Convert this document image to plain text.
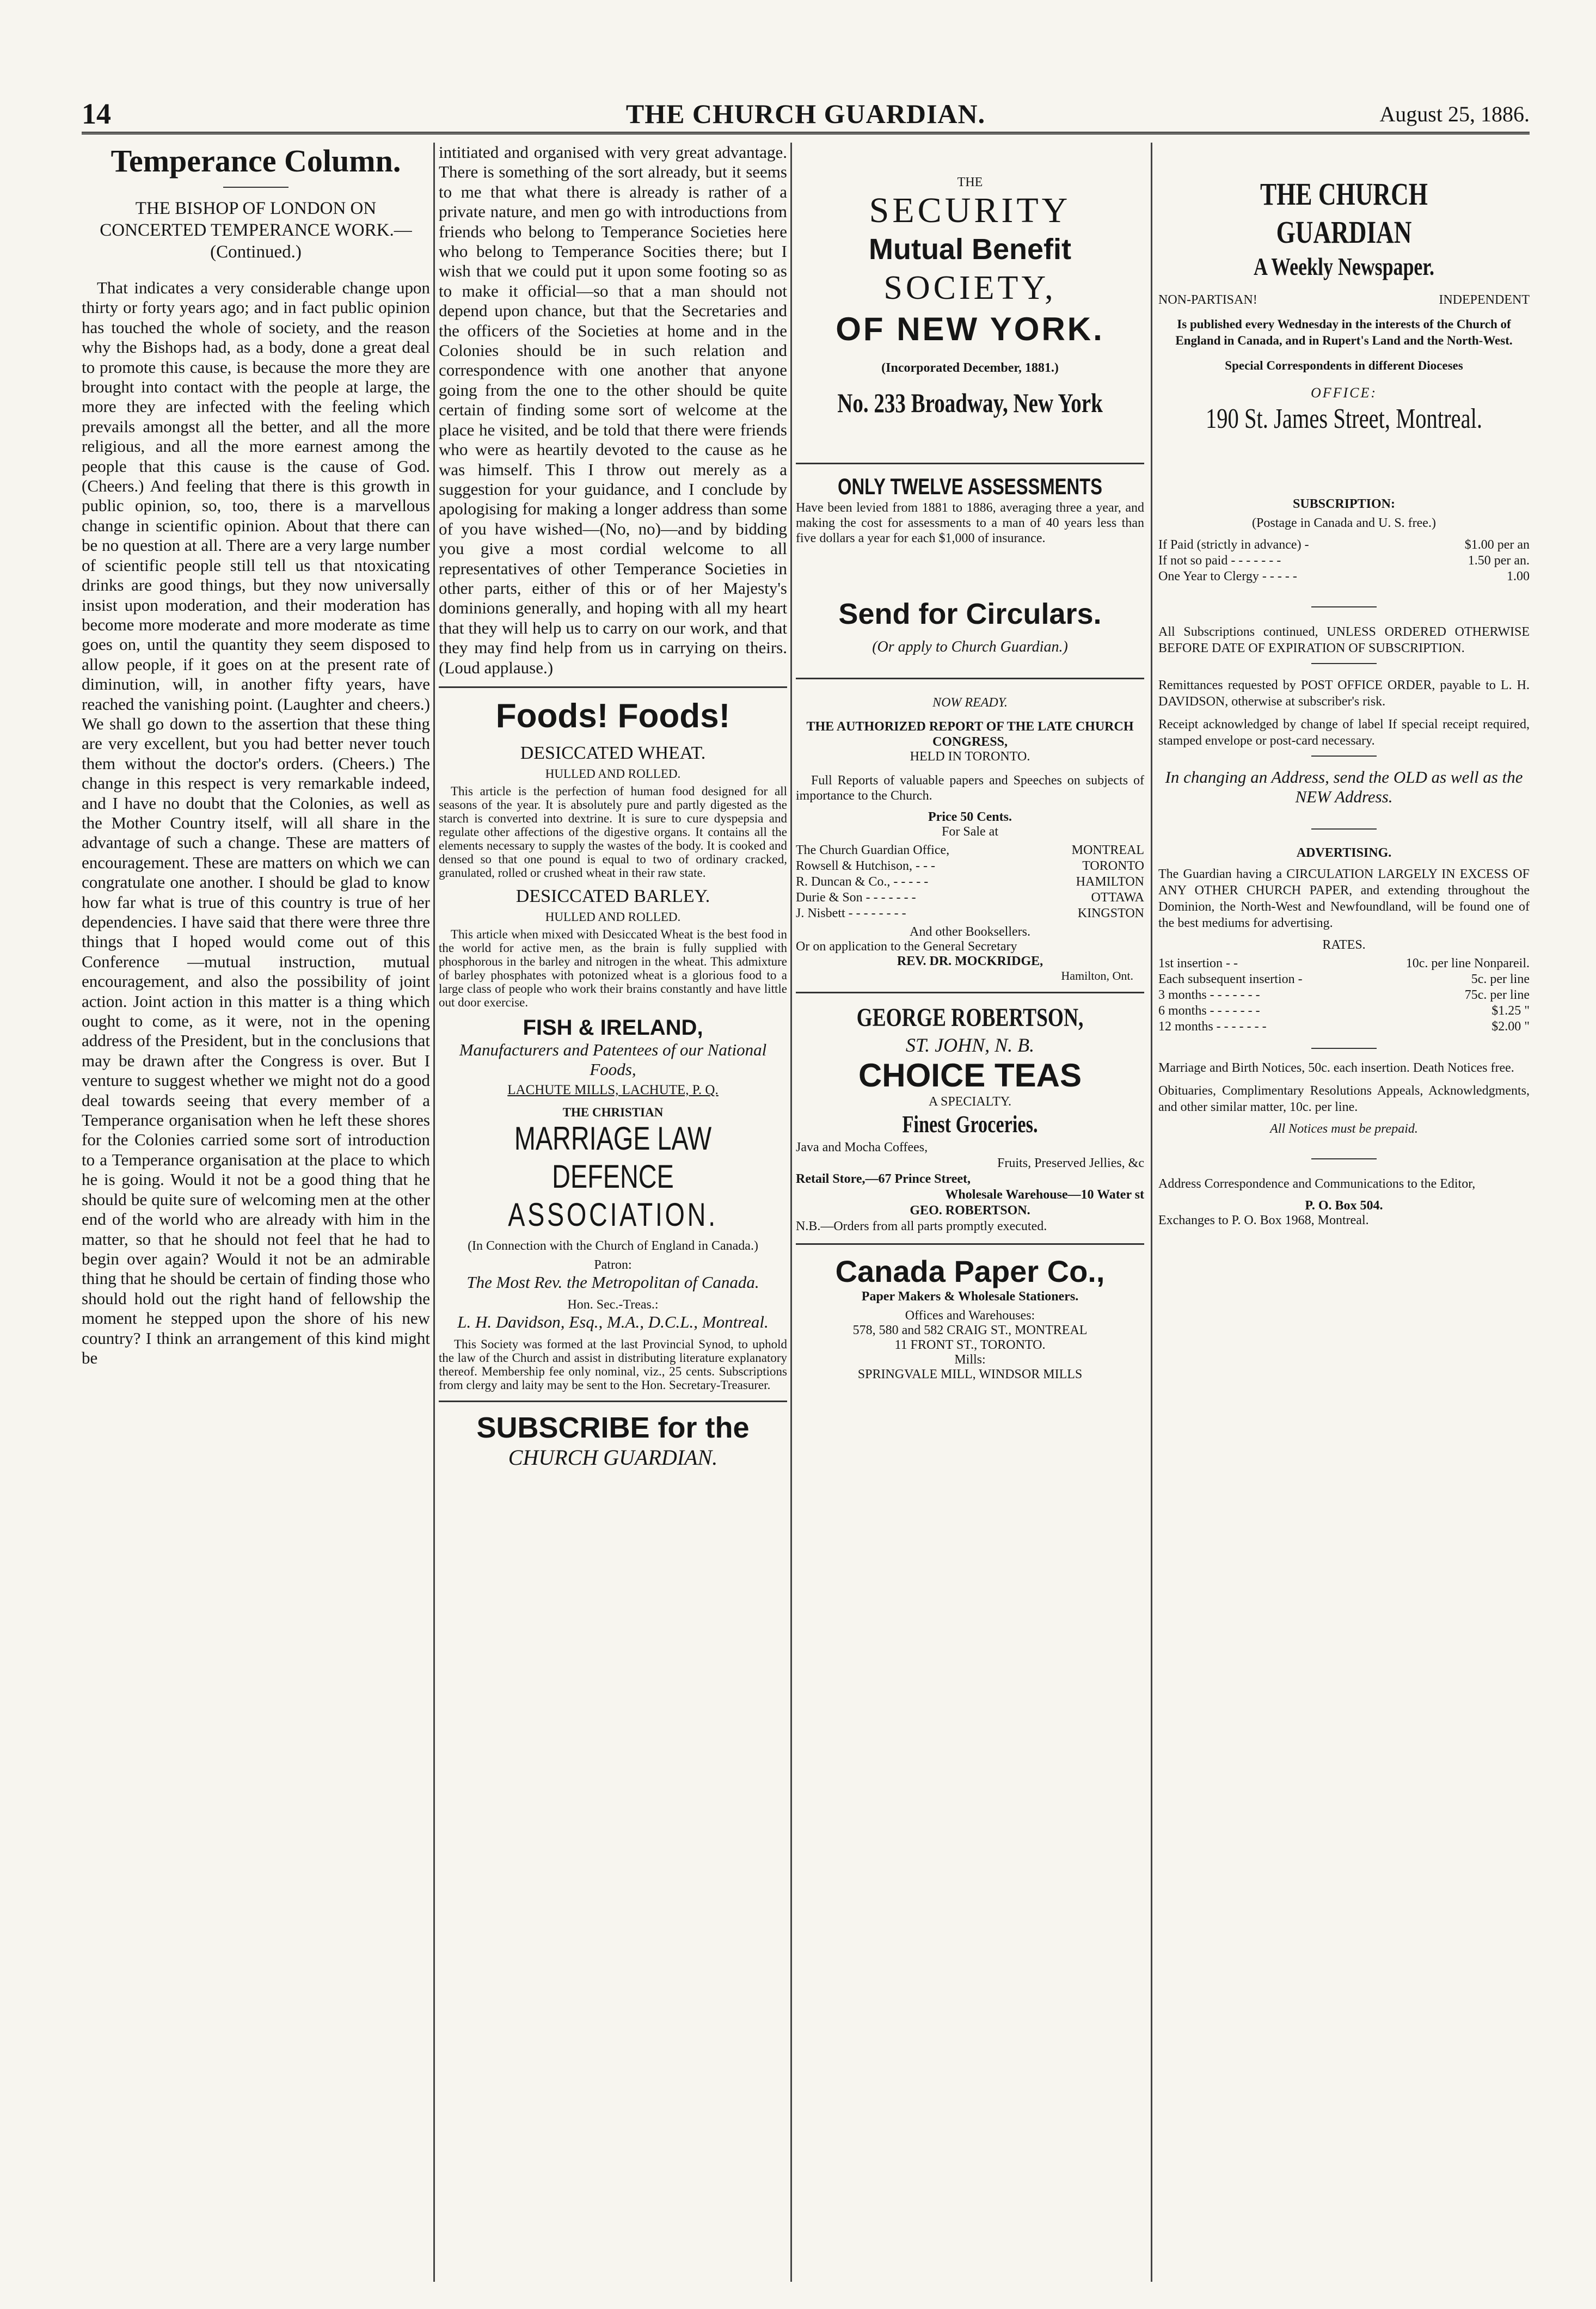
14	THE CHURCH GUARDIAN.	August 25, 1886.
Temperance Column.

THE BISHOP OF LONDON ON CONCERTED TEMPERANCE WORK.—(Continued.)

That indicates a very considerable change upon thirty or forty years ago; and in fact public opinion has touched the whole of society, and the reason why the Bishops had, as a body, done a great deal to promote this cause, is because the more they are brought into contact with the people at large, the more they are infected with the feeling which prevails amongst all the better, and all the more religious, and all the more earnest among the people that this cause is the cause of God. (Cheers.) And feeling that there is this growth in public opinion, so, too, there is a marvellous change in scientific opinion. About that there can be no question at all. There are a very large number of scientific people still tell us that ntoxicating drinks are good things, but they now universally insist upon moderation, and their moderation has become more moderate and more moderate as time goes on, until the quantity they seem disposed to allow people, if it goes on at the present rate of diminution, will, in another fifty years, have reached the vanishing point. (Laughter and cheers.) We shall go down to the assertion that these thing are very excellent, but you had better never touch them without the doctor's orders. (Cheers.) The change in this respect is very remarkable indeed, and I have no doubt that the Colonies, as well as the Mother Country itself, will all share in the advantage of such a change. These are matters of encouragement. These are matters on which we can congratulate one another. I should be glad to know how far what is true of this country is true of her dependencies. I have said that there were three thre things that I hoped would come out of this Conference —mutual instruction, mutual encouragement, and also the possibility of joint action. Joint action in this matter is a thing which ought to come, as it were, not in the opening address of the President, but in the conclusions that may be drawn after the Congress is over. But I venture to suggest whether we might not do a good deal towards seeing that every member of a Temperance organisation when he left these shores for the Colonies carried some sort of introduction to a Temperance organisation at the place to which he is going. Would it not be a good thing that he should be quite sure of welcoming men at the other end of the world who are already with him in the matter, so that he should not feel that he had to begin over again? Would it not be an admirable thing that he should be certain of finding those who should hold out the right hand of fellowship the moment he stepped upon the shore of his new country? I think an arrangement of this kind might be

intitiated and organised with very great advantage. There is something of the sort already, but it seems to me that what there is already is rather of a private nature, and men go with introductions from friends who belong to Temperance Societies here who belong to Temperance Socities there; but I wish that we could put it upon some footing so as to make it official—so that a man should not depend upon chance, but that the Secretaries and the officers of the Societies at home and in the Colonies should be in such relation and correspondence with one another that anyone going from the one to the other should be quite certain of finding some sort of welcome at the place he visited, and be told that there were friends who were as heartily devoted to the cause as he was himself. This I throw out merely as a suggestion for your guidance, and I conclude by apologising for making a longer address than some of you have wished—(No, no)—and by bidding you give a most cordial welcome to all representatives of other Temperance Societies in other parts, either of this or of her Majesty's dominions generally, and hoping with all my heart that they will help us to carry on our work, and that they may find help from us in carrying on theirs. (Loud applause.)

Foods! Foods!
DESICCATED WHEAT.
HULLED AND ROLLED.

This article is the perfection of human food designed for all seasons of the year. It is absolutely pure and partly digested as the starch is converted into dextrine. It is sure to cure dyspepsia and regulate other affections of the digestive organs. It contains all the elements necessary to supply the wastes of the body. It is cooked and densed so that one pound is equal to two of ordinary cracked, granulated, rolled or crushed wheat in their raw state.

DESICCATED BARLEY.
HULLED AND ROLLED.

This article when mixed with Desiccated Wheat is the best food in the world for active men, as the brain is fully supplied with phosphorous in the barley and nitrogen in the wheat. This admixture of barley phosphates with potonized wheat is a glorious food to a large class of people who work their brains constantly and have little out door exercise.

FISH & IRELAND,
Manufacturers and Patentees of our National Foods,
LACHUTE MILLS, LACHUTE, P. Q.
THE CHRISTIAN
MARRIAGE LAW DEFENCE
ASSOCIATION.

(In Connection with the Church of England in Canada.)

Patron:
The Most Rev. the Metropolitan of Canada.
Hon. Sec.-Treas.:
L. H. Davidson, Esq., M.A., D.C.L., Montreal.

This Society was formed at the last Provincial Synod, to uphold the law of the Church and assist in distributing literature explanatory thereof. Membership fee only nominal, viz., 25 cents. Subscriptions from clergy and laity may be sent to the Hon. Secretary-Treasurer.

SUBSCRIBE for the
CHURCH GUARDIAN.
THE
SECURITY
Mutual Benefit
SOCIETY,
OF NEW YORK.
(Incorporated December, 1881.)
No. 233 Broadway, New York
ONLY TWELVE ASSESSMENTS

Have been levied from 1881 to 1886, averaging three a year, and making the cost for assessments to a man of 40 years less than five dollars a year for each $1,000 of insurance.

Send for Circulars.
(Or apply to Church Guardian.)
NOW READY.
THE AUTHORIZED REPORT OF THE LATE CHURCH CONGRESS,
HELD IN TORONTO.

Full Reports of valuable papers and Speeches on subjects of importance to the Church.

Price 50 Cents.
For Sale at
The Church Guardian Office,	MONTREAL
Rowsell & Hutchison, - - -	TORONTO
R. Duncan & Co., - - - - -	HAMILTON
Durie & Son - - - - - - -	OTTAWA
J. Nisbett - - - - - - - -	KINGSTON
And other Booksellers.
Or on application to the General Secretary
REV. DR. MOCKRIDGE,
Hamilton, Ont.
GEORGE ROBERTSON,
ST. JOHN, N. B.
CHOICE TEAS
A SPECIALTY.
Finest Groceries.
Java and Mocha Coffees,
Fruits, Preserved Jellies, &c
Retail Store,—67 Prince Street,
Wholesale Warehouse—10 Water st
GEO. ROBERTSON.
N.B.—Orders from all parts promptly executed.
Canada Paper Co.,
Paper Makers & Wholesale Stationers.
Offices and Warehouses:
578, 580 and 582 CRAIG ST., MONTREAL
11 FRONT ST., TORONTO.
Mills:
SPRINGVALE MILL, WINDSOR MILLS
THE CHURCH GUARDIAN
A Weekly Newspaper.
NON-PARTISAN!	INDEPENDENT

Is published every Wednesday in the interests of the Church of England in Canada, and in Rupert's Land and the North-West.

Special Correspondents in different Dioceses

OFFICE:
190 St. James Street, Montreal.
SUBSCRIPTION:
(Postage in Canada and U. S. free.)
If Paid (strictly in advance) -	$1.00 per an
If not so paid - - - - - - -	1.50 per an.
One Year to Clergy - - - - -	1.00

All Subscriptions continued, UNLESS ORDERED OTHERWISE BEFORE DATE OF EXPIRATION OF SUBSCRIPTION.

Remittances requested by POST OFFICE ORDER, payable to L. H. DAVIDSON, otherwise at subscriber's risk.

Receipt acknowledged by change of label If special receipt required, stamped envelope or post-card necessary.

In changing an Address, send the OLD as well as the NEW Address.

ADVERTISING.

The Guardian having a CIRCULATION LARGELY IN EXCESS OF ANY OTHER CHURCH PAPER, and extending throughout the Dominion, the North-West and Newfoundland, will be found one of the best mediums for advertising.

RATES.
1st insertion - -	10c. per line Nonpareil.
Each subsequent insertion -	5c. per line
3 months - - - - - - -	75c. per line
6 months - - - - - - -	$1.25 "
12 months - - - - - - -	$2.00 "

Marriage and Birth Notices, 50c. each insertion. Death Notices free.

Obituaries, Complimentary Resolutions Appeals, Acknowledgments, and other similar matter, 10c. per line.

All Notices must be prepaid.

Address Correspondence and Communications to the Editor,

P. O. Box 504.
Exchanges to P. O. Box 1968, Montreal.
